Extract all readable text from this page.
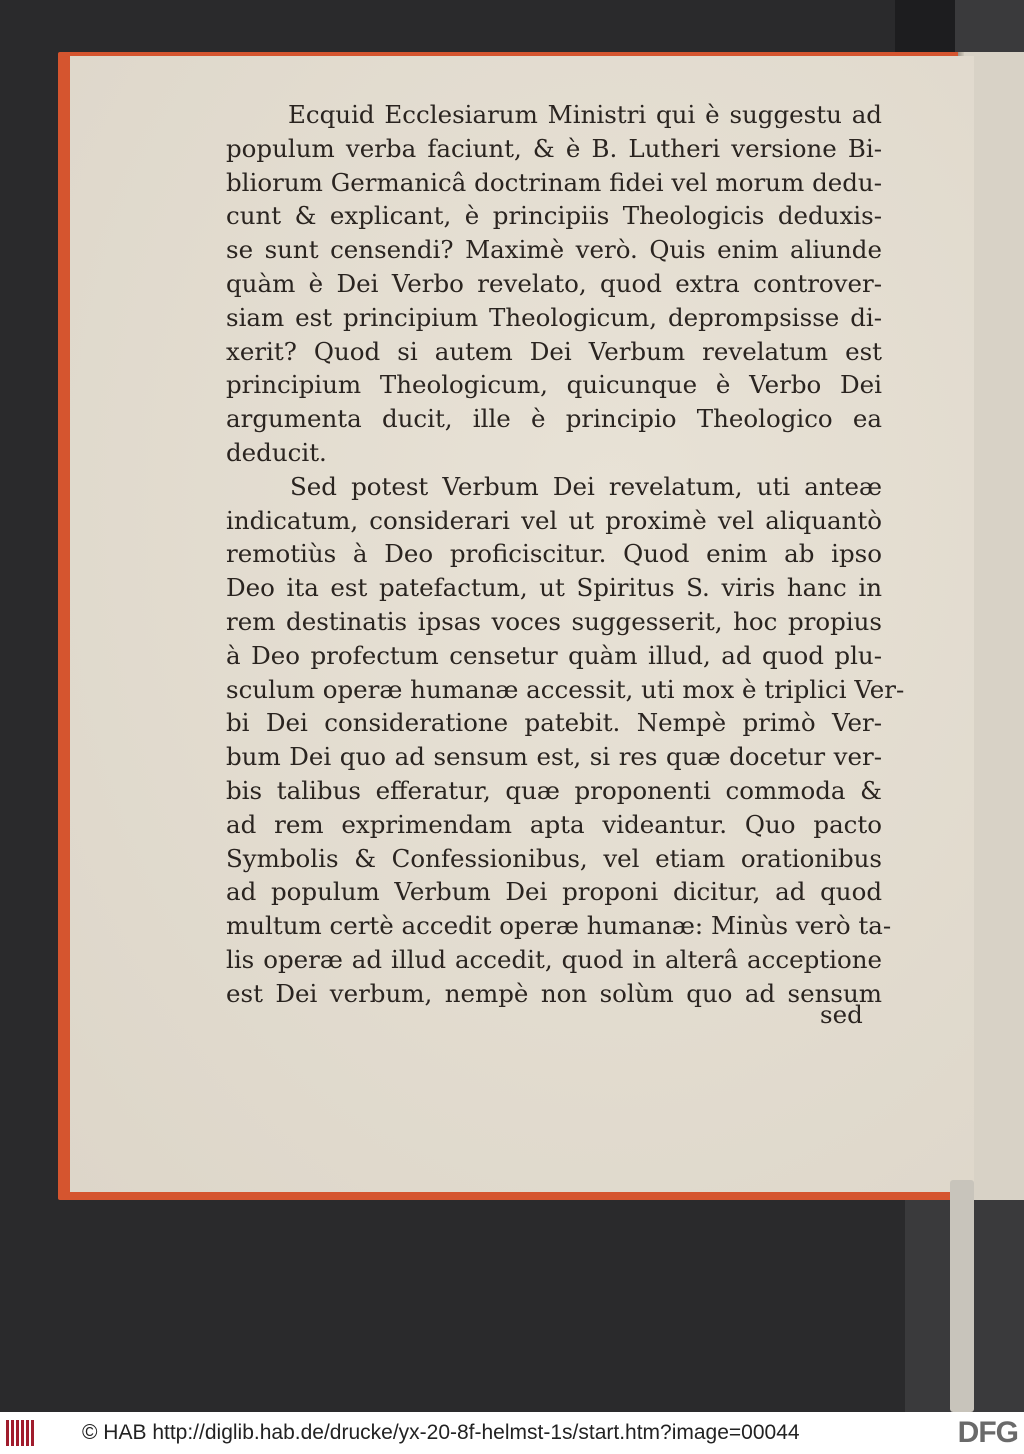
Ecquid Ecclesiarum Ministri qui è suggestu ad
populum verba faciunt, & è B. Lutheri versione Bi-
bliorum Germanicâ doctrinam fidei vel morum dedu-
cunt & explicant, è principiis Theologicis deduxis-
se sunt censendi? Maximè verò. Quis enim aliunde
quàm è Dei Verbo revelato, quod extra controver-
siam est principium Theologicum, deprompsisse di-
xerit? Quod si autem Dei Verbum revelatum est
principium Theologicum, quicunque è Verbo Dei
argumenta ducit, ille è principio Theologico ea
deducit.
Sed potest Verbum Dei revelatum, uti anteæ
indicatum, considerari vel ut proximè vel aliquantò
remotiùs à Deo proficiscitur. Quod enim ab ipso
Deo ita est patefactum, ut Spiritus S. viris hanc in
rem destinatis ipsas voces suggesserit, hoc propius
à Deo profectum censetur quàm illud, ad quod plu-
sculum operæ humanæ accessit, uti mox è triplici Ver-
bi Dei consideratione patebit. Nempè primò Ver-
bum Dei quo ad sensum est, si res quæ docetur ver-
bis talibus efferatur, quæ proponenti commoda &
ad rem exprimendam apta videantur. Quo pacto
Symbolis & Confessionibus, vel etiam orationibus
ad populum Verbum Dei proponi dicitur, ad quod
multum certè accedit operæ humanæ: Minùs verò ta-
lis operæ ad illud accedit, quod in alterâ acceptione
est Dei verbum, nempè non solùm quo ad sensum
sed
© HAB http://diglib.hab.de/drucke/yx-20-8f-helmst-1s/start.htm?image=00044	DFG
